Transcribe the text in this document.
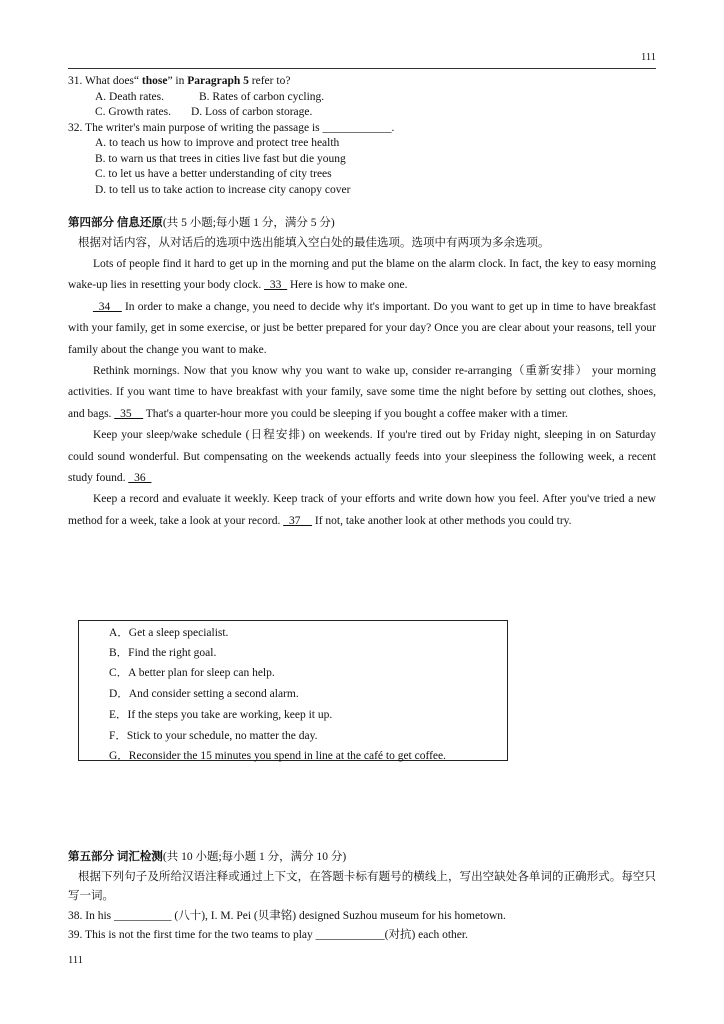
111
31. What does“ those” in Paragraph 5 refer to?
A. Death rates.	B. Rates of carbon cycling.
C. Growth rates. D. Loss of carbon storage.
32. The writer's main purpose of writing the passage is ____________.
A. to teach us how to improve and protect tree health
B. to warn us that trees in cities live fast but die young
C. to let us have a better understanding of city trees
D. to tell us to take action to increase city canopy cover
第四部分 信息还原(共 5 小题;每小题 1 分，满分 5 分)
根据对话内容，从对话后的选项中选出能填入空白处的最佳选项。选项中有两项为多余选项。
Lots of people find it hard to get up in the morning and put the blame on the alarm clock. In fact, the key to easy morning wake-up lies in resetting your body clock. _33_ Here is how to make one.
_34__ In order to make a change, you need to decide why it's important. Do you want to get up in time to have breakfast with your family, get in some exercise, or just be better prepared for your day? Once you are clear about your reasons, tell your family about the change you want to make.
Rethink mornings. Now that you know why you want to wake up, consider re-arranging（重新安排） your morning activities. If you want time to have breakfast with your family, save some time the night before by setting out clothes, shoes, and bags. _35__ That's a quarter-hour more you could be sleeping if you bought a coffee maker with a timer.
Keep your sleep/wake schedule (日程安排) on weekends. If you're tired out by Friday night, sleeping in on Saturday could sound wonderful. But compensating on the weekends actually feeds into your sleepiness the following week, a recent study found. _36_
Keep a record and evaluate it weekly. Keep track of your efforts and write down how you feel. After you've tried a new method for a week, take a look at your record. _37__ If not, take another look at other methods you could try.
A．Get a sleep specialist.
B．Find the right goal.
C．A better plan for sleep can help.
D．And consider setting a second alarm.
E．If the steps you take are working, keep it up.
F．Stick to your schedule, no matter the day.
G．Reconsider the 15 minutes you spend in line at the café to get coffee.
第五部分 词汇检测(共 10 小题;每小题 1 分，满分 10 分)
根据下列句子及所给汉语注释或通过上下文，在答题卡标有题号的横线上，写出空缺处各单词的正确形式。每空只写一词。
38. In his __________ (八十), I. M. Pei (贝聿铭) designed Suzhou museum for his hometown.
39. This is not the first time for the two teams to play ____________(对抗) each other.
111
